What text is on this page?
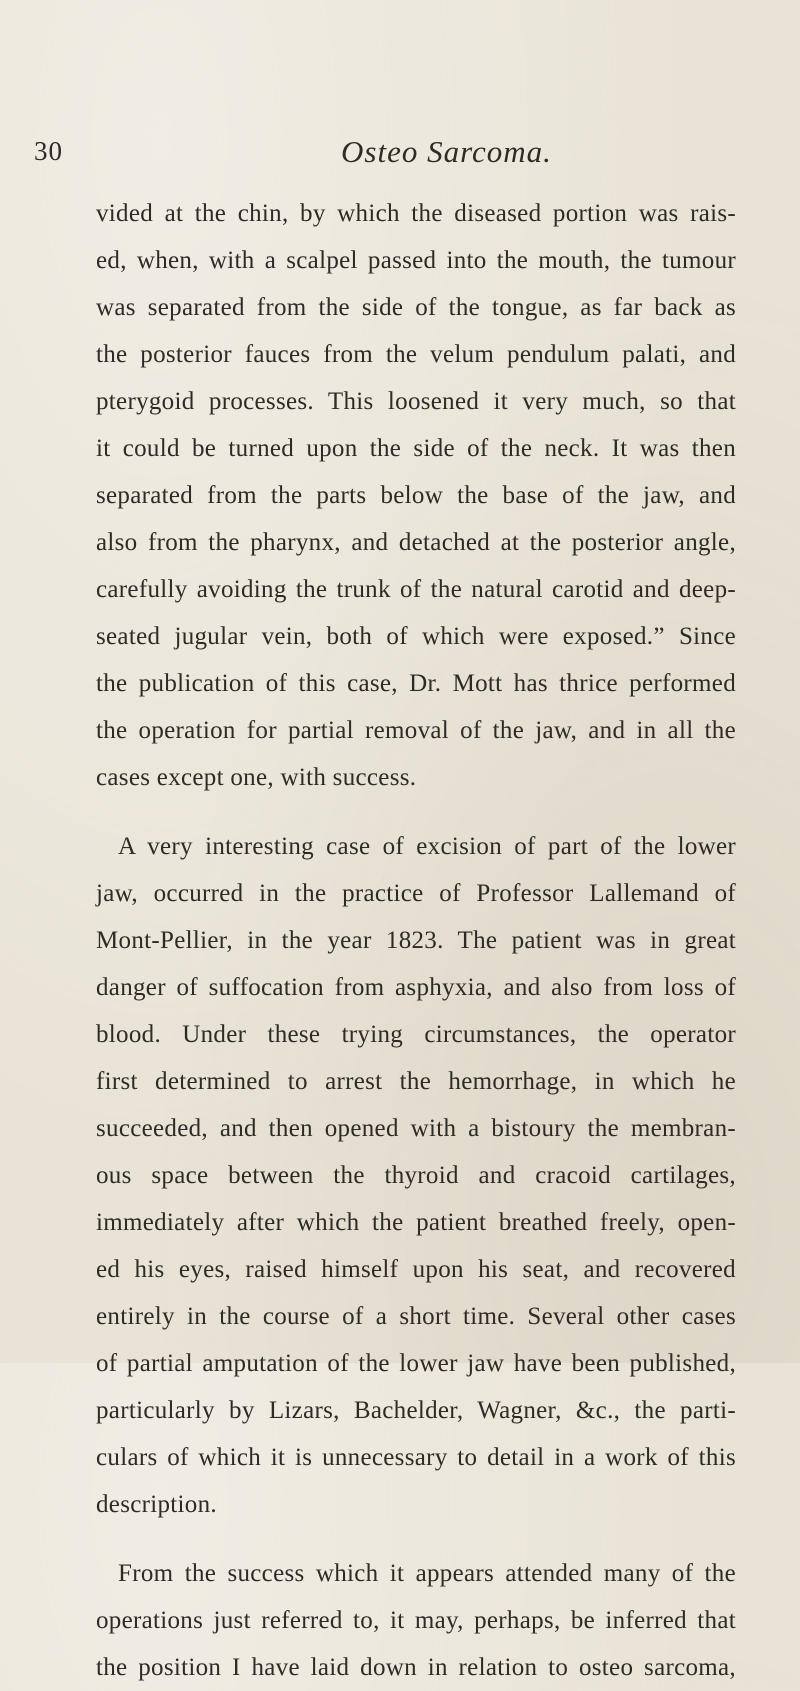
30	Osteo Sarcoma.
vided at the chin, by which the diseased portion was rais-
ed, when, with a scalpel passed into the mouth, the tumour
was separated from the side of the tongue, as far back as
the posterior fauces from the velum pendulum palati, and
pterygoid processes. This loosened it very much, so that
it could be turned upon the side of the neck. It was then
separated from the parts below the base of the jaw, and
also from the pharynx, and detached at the posterior angle,
carefully avoiding the trunk of the natural carotid and deep-
seated jugular vein, both of which were exposed.” Since
the publication of this case, Dr. Mott has thrice performed
the operation for partial removal of the jaw, and in all the
cases except one, with success.
A very interesting case of excision of part of the lower
jaw, occurred in the practice of Professor Lallemand of
Mont-Pellier, in the year 1823. The patient was in great
danger of suffocation from asphyxia, and also from loss of
blood. Under these trying circumstances, the operator
first determined to arrest the hemorrhage, in which he
succeeded, and then opened with a bistoury the membran-
ous space between the thyroid and cracoid cartilages,
immediately after which the patient breathed freely, open-
ed his eyes, raised himself upon his seat, and recovered
entirely in the course of a short time. Several other cases
of partial amputation of the lower jaw have been published,
particularly by Lizars, Bachelder, Wagner, &c., the parti-
culars of which it is unnecessary to detail in a work of this
description.
From the success which it appears attended many of the
operations just referred to, it may, perhaps, be inferred that
the position I have laid down in relation to osteo sarcoma,
